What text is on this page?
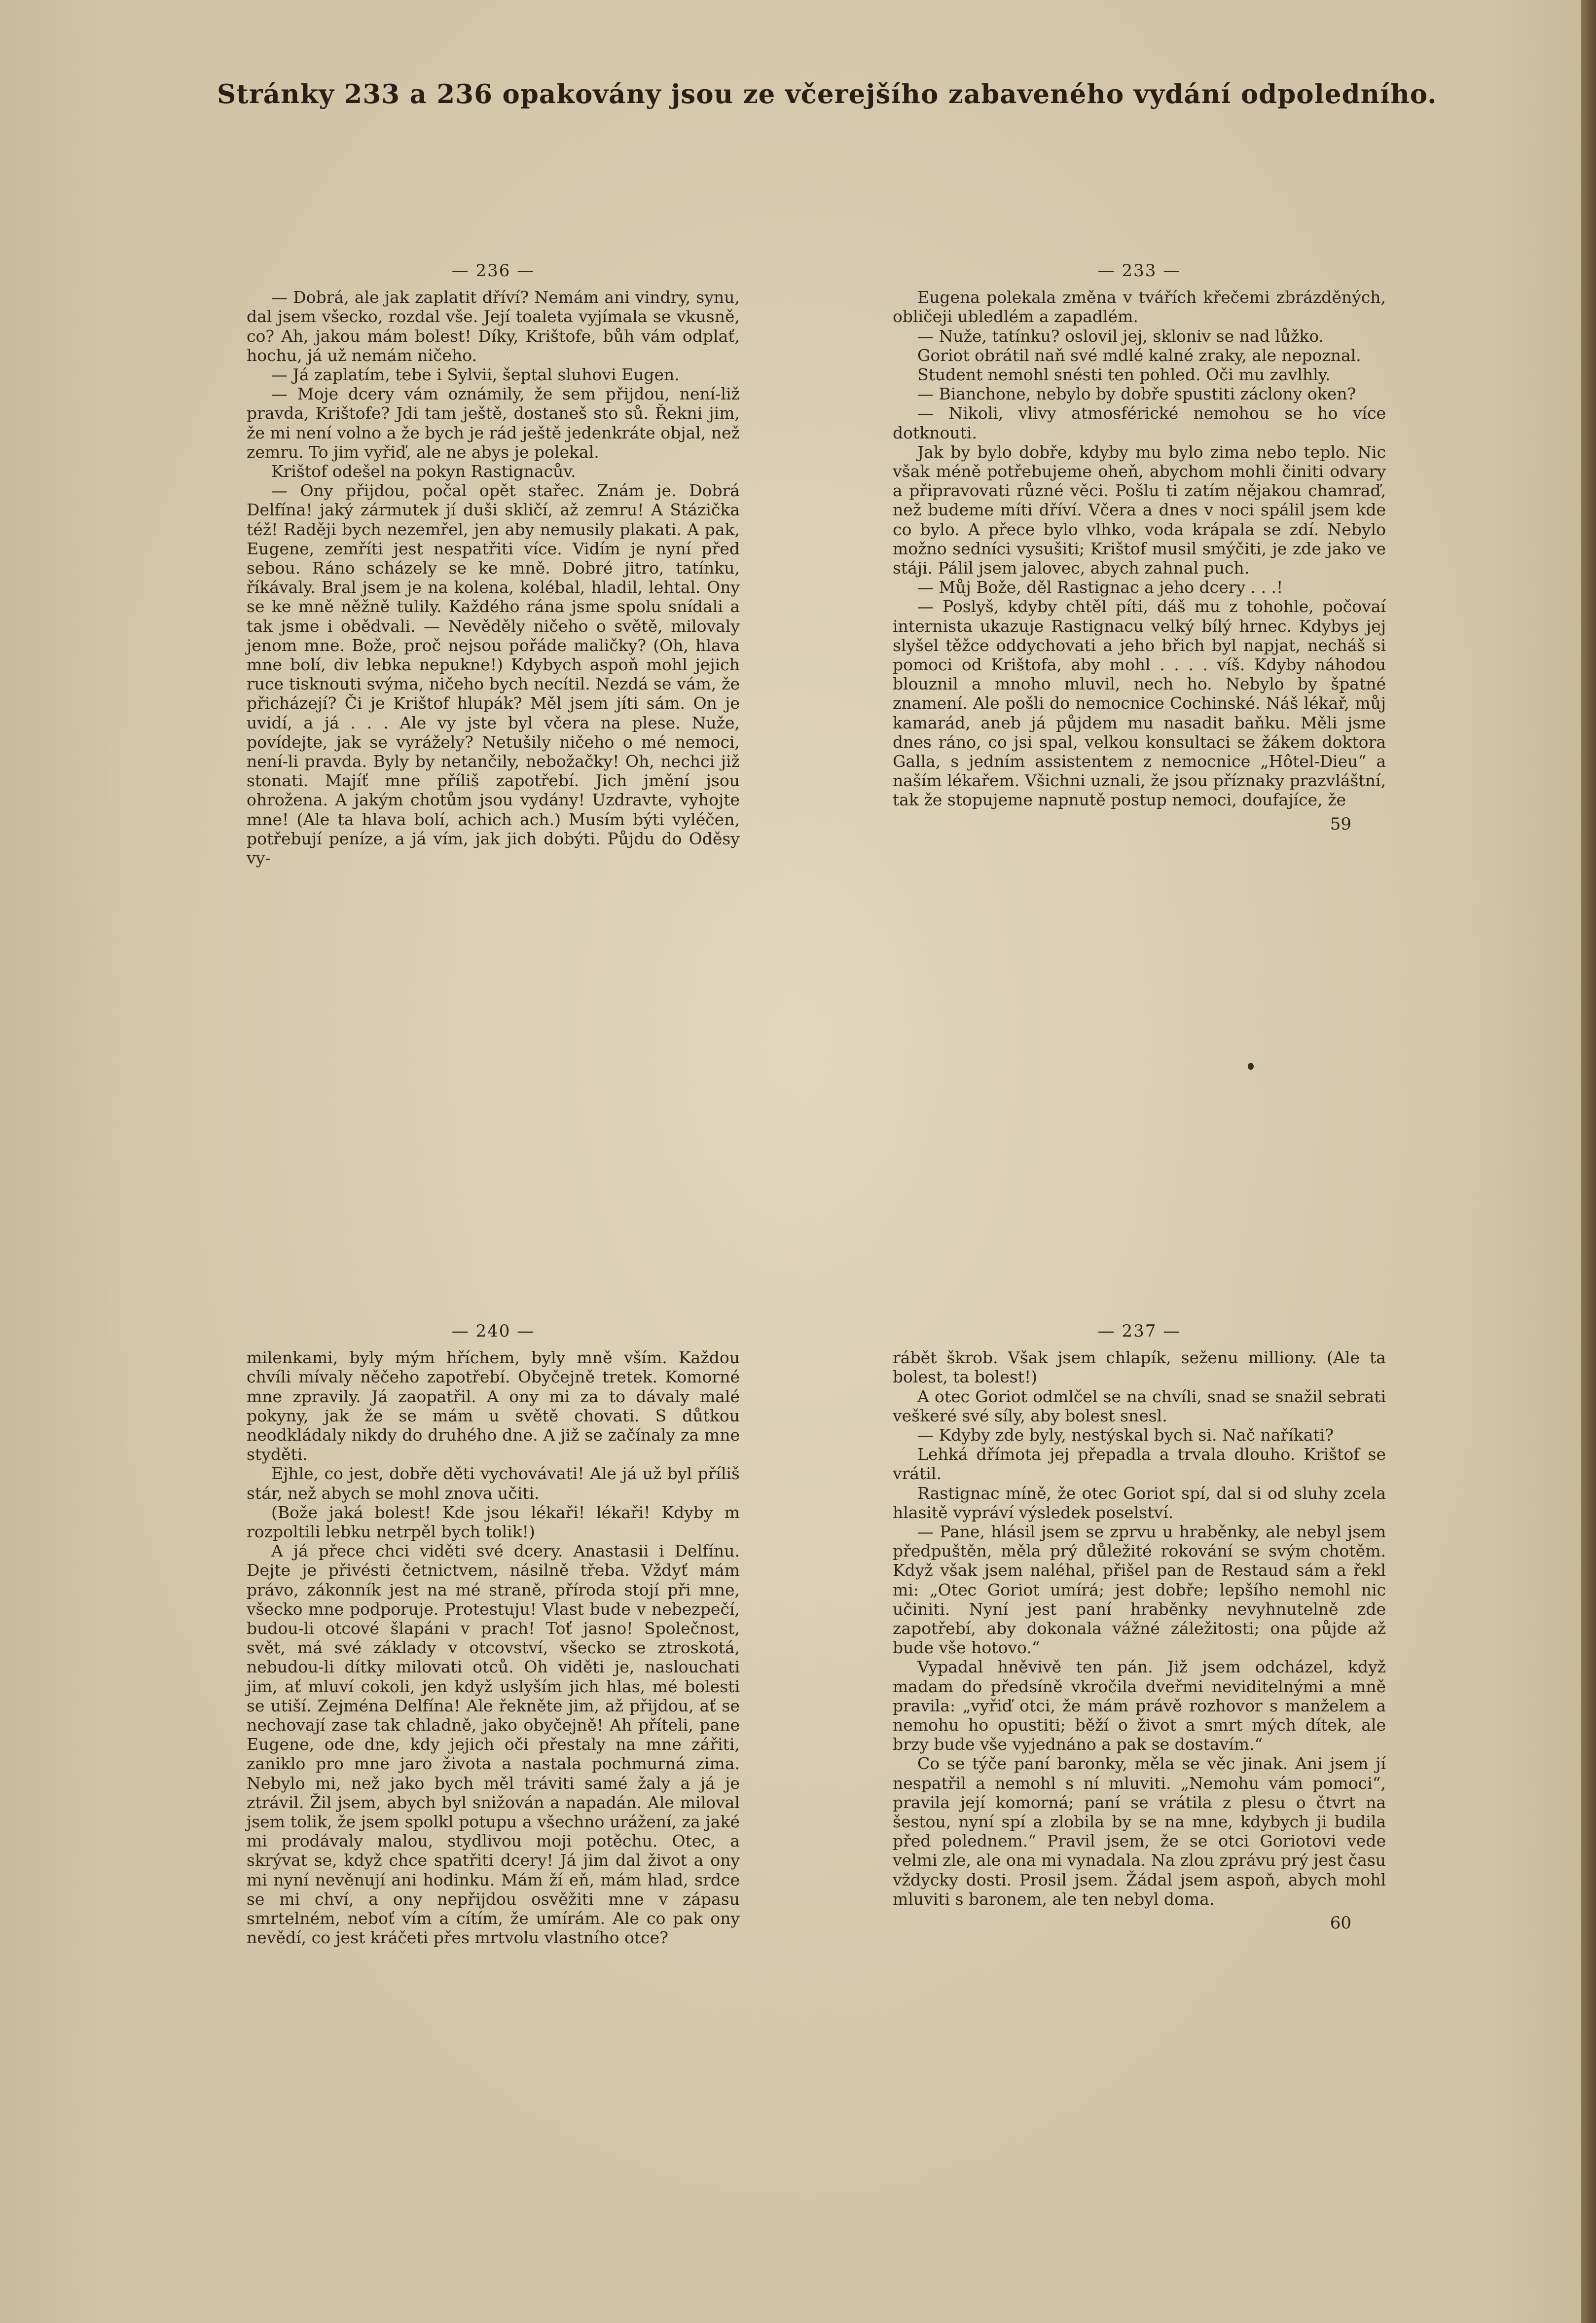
Stránky 233 a 236 opakovány jsou ze včerejšího zabaveného vydání odpoledního.
— 236 —

— Dobrá, ale jak zaplatit dříví? Nemám ani vindry, synu, dal jsem všecko, rozdal vše. Její toaleta vyjímala se vkusně, co? Ah, jakou mám bolest! Díky, Krištofe, bůh vám odplať, hochu, já už nemám ničeho.

— Já zaplatím, tebe i Sylvii, šeptal sluhovi Eugen.

— Moje dcery vám oznámily, že sem přijdou, není-liž pravda, Krištofe? Jdi tam ještě, dostaneš sto sů. Řekni jim, že mi není volno a že bych je rád ještě jedenkráte objal, než zemru. To jim vyřiď, ale ne abys je polekal.

Krištof odešel na pokyn Rastignacův.

— Ony přijdou, počal opět stařec. Znám je. Dobrá Delfína! jaký zármutek jí duši skličí, až zemru! A Stázička též! Raději bych nezemřel, jen aby nemusily plakati. A pak, Eugene, zemříti jest nespatřiti více. Vidím je nyní před sebou. Ráno scházely se ke mně. Dobré jitro, tatínku, říkávaly. Bral jsem je na kolena, kolébal, hladil, lehtal. Ony se ke mně něžně tulily. Každého rána jsme spolu snídali a tak jsme i obědvali. — Nevěděly ničeho o světě, milovaly jenom mne. Bože, proč nejsou pořáde maličky? (Oh, hlava mne bolí, div lebka nepukne!) Kdybych aspoň mohl jejich ruce tisknouti svýma, ničeho bych necítil. Nezdá se vám, že přicházejí? Či je Krištof hlupák? Měl jsem jíti sám. On je uvidí, a já . . . Ale vy jste byl včera na plese. Nuže, povídejte, jak se vyrážely? Netušily ničeho o mé nemoci, není-li pravda. Byly by netančily, nebožačky! Oh, nechci již stonati. Majíť mne příliš zapotřebí. Jich jmění jsou ohrožena. A jakým chotům jsou vydány! Uzdravte, vyhojte mne! (Ale ta hlava bolí, achich ach.) Musím býti vyléčen, potřebují peníze, a já vím, jak jich dobýti. Půjdu do Oděsy vy-

— 233 —

Eugena polekala změna v tvářích křečemi zbrázděných, obličeji ubledlém a zapadlém.

— Nuže, tatínku? oslovil jej, skloniv se nad lůžko.

Goriot obrátil naň své mdlé kalné zraky, ale nepoznal.

Student nemohl snésti ten pohled. Oči mu zavlhly.

— Bianchone, nebylo by dobře spustiti záclony oken?

— Nikoli, vlivy atmosférické nemohou se ho více dotknouti.

Jak by bylo dobře, kdyby mu bylo zima nebo teplo. Nic však méně potřebujeme oheň, abychom mohli činiti odvary a připravovati různé věci. Pošlu ti zatím nějakou chamraď, než budeme míti dříví. Včera a dnes v noci spálil jsem kde co bylo. A přece bylo vlhko, voda krápala se zdí. Nebylo možno sedníci vysušiti; Krištof musil smýčiti, je zde jako ve stáji. Pálil jsem jalovec, abych zahnal puch.

— Můj Bože, děl Rastignac a jeho dcery . . .!

— Poslyš, kdyby chtěl píti, dáš mu z tohohle, počovaí internista ukazuje Rastignacu velký bílý hrnec. Kdybys jej slyšel těžce oddychovati a jeho břich byl napjat, necháš si pomoci od Krištofa, aby mohl . . . . víš. Kdyby náhodou blouznil a mnoho mluvil, nech ho. Nebylo by špatné znamení. Ale pošli do nemocnice Cochinské. Náš lékař, můj kamarád, aneb já půjdem mu nasadit baňku. Měli jsme dnes ráno, co jsi spal, velkou konsultaci se žákem doktora Galla, s jedním assistentem z nemocnice „Hôtel-Dieu“ a naším lékařem. Všichni uznali, že jsou příznaky prazvláštní, tak že stopujeme napnutě postup nemoci, doufajíce, že

59
— 240 —

milenkami, byly mým hříchem, byly mně vším. Každou chvíli mívaly něčeho zapotřebí. Obyčejně tretek. Komorné mne zpravily. Já zaopatřil. A ony mi za to dávaly malé pokyny, jak že se mám u světě chovati. S důtkou neodkládaly nikdy do druhého dne. A již se začínaly za mne styděti.

Ejhle, co jest, dobře děti vychovávati! Ale já už byl příliš stár, než abych se mohl znova učiti.

(Bože jaká bolest! Kde jsou lékaři! lékaři! Kdyby m rozpoltili lebku netrpěl bych tolik!)

A já přece chci viděti své dcery. Anastasii i Delfínu. Dejte je přivésti četnictvem, násilně třeba. Vždyť mám právo, zákonník jest na mé straně, příroda stojí při mne, všecko mne podporuje. Protestuju! Vlast bude v nebezpečí, budou-li otcové šlapáni v prach! Toť jasno! Společnost, svět, má své základy v otcovství, všecko se ztroskotá, nebudou-li dítky milovati otců. Oh viděti je, naslouchati jim, ať mluví cokoli, jen když uslyším jich hlas, mé bolesti se utiší. Zejména Delfína! Ale řekněte jim, až přijdou, ať se nechovají zase tak chladně, jako obyčejně! Ah příteli, pane Eugene, ode dne, kdy jejich oči přestaly na mne zářiti, zaniklo pro mne jaro života a nastala pochmurná zima. Nebylo mi, než jako bych měl tráviti samé žaly a já je ztrávil. Žil jsem, abych byl snižován a napadán. Ale miloval jsem tolik, že jsem spolkl potupu a všechno urážení, za jaké mi prodávaly malou, stydlivou moji potěchu. Otec, a skrývat se, když chce spatřiti dcery! Já jim dal život a ony mi nyní nevěnují ani hodinku. Mám ží eň, mám hlad, srdce se mi chví, a ony nepřijdou osvěžiti mne v zápasu smrtelném, neboť vím a cítím, že umírám. Ale co pak ony nevědí, co jest kráčeti přes mrtvolu vlastního otce?

— 237 —

rábět škrob. Však jsem chlapík, seženu milliony. (Ale ta bolest, ta bolest!)

A otec Goriot odmlčel se na chvíli, snad se snažil sebrati veškeré své síly, aby bolest snesl.

— Kdyby zde byly, nestýskal bych si. Nač naříkati?

Lehká dřímota jej přepadla a trvala dlouho. Krištof se vrátil.

Rastignac míně, že otec Goriot spí, dal si od sluhy zcela hlasitě vypráví výsledek poselství.

— Pane, hlásil jsem se zprvu u hraběnky, ale nebyl jsem předpuštěn, měla prý důležité rokování se svým chotěm. Když však jsem naléhal, přišel pan de Restaud sám a řekl mi: „Otec Goriot umírá; jest dobře; lepšího nemohl nic učiniti. Nyní jest paní hraběnky nevyhnutelně zde zapotřebí, aby dokonala vážné záležitosti; ona půjde až bude vše hotovo.“

Vypadal hněvivě ten pán. Již jsem odcházel, když madam do předsíně vkročila dveřmi neviditelnými a mně pravila: „vyřiď otci, že mám právě rozhovor s manželem a nemohu ho opustiti; běží o život a smrt mých dítek, ale brzy bude vše vyjednáno a pak se dostavím.“

Co se týče paní baronky, měla se věc jinak. Ani jsem jí nespatřil a nemohl s ní mluviti. „Nemohu vám pomoci“, pravila její komorná; paní se vrátila z plesu o čtvrt na šestou, nyní spí a zlobila by se na mne, kdybych ji budila před polednem.“ Pravil jsem, že se otci Goriotovi vede velmi zle, ale ona mi vynadala. Na zlou zprávu prý jest času vždycky dosti. Prosil jsem. Žádal jsem aspoň, abych mohl mluviti s baronem, ale ten nebyl doma.

60
